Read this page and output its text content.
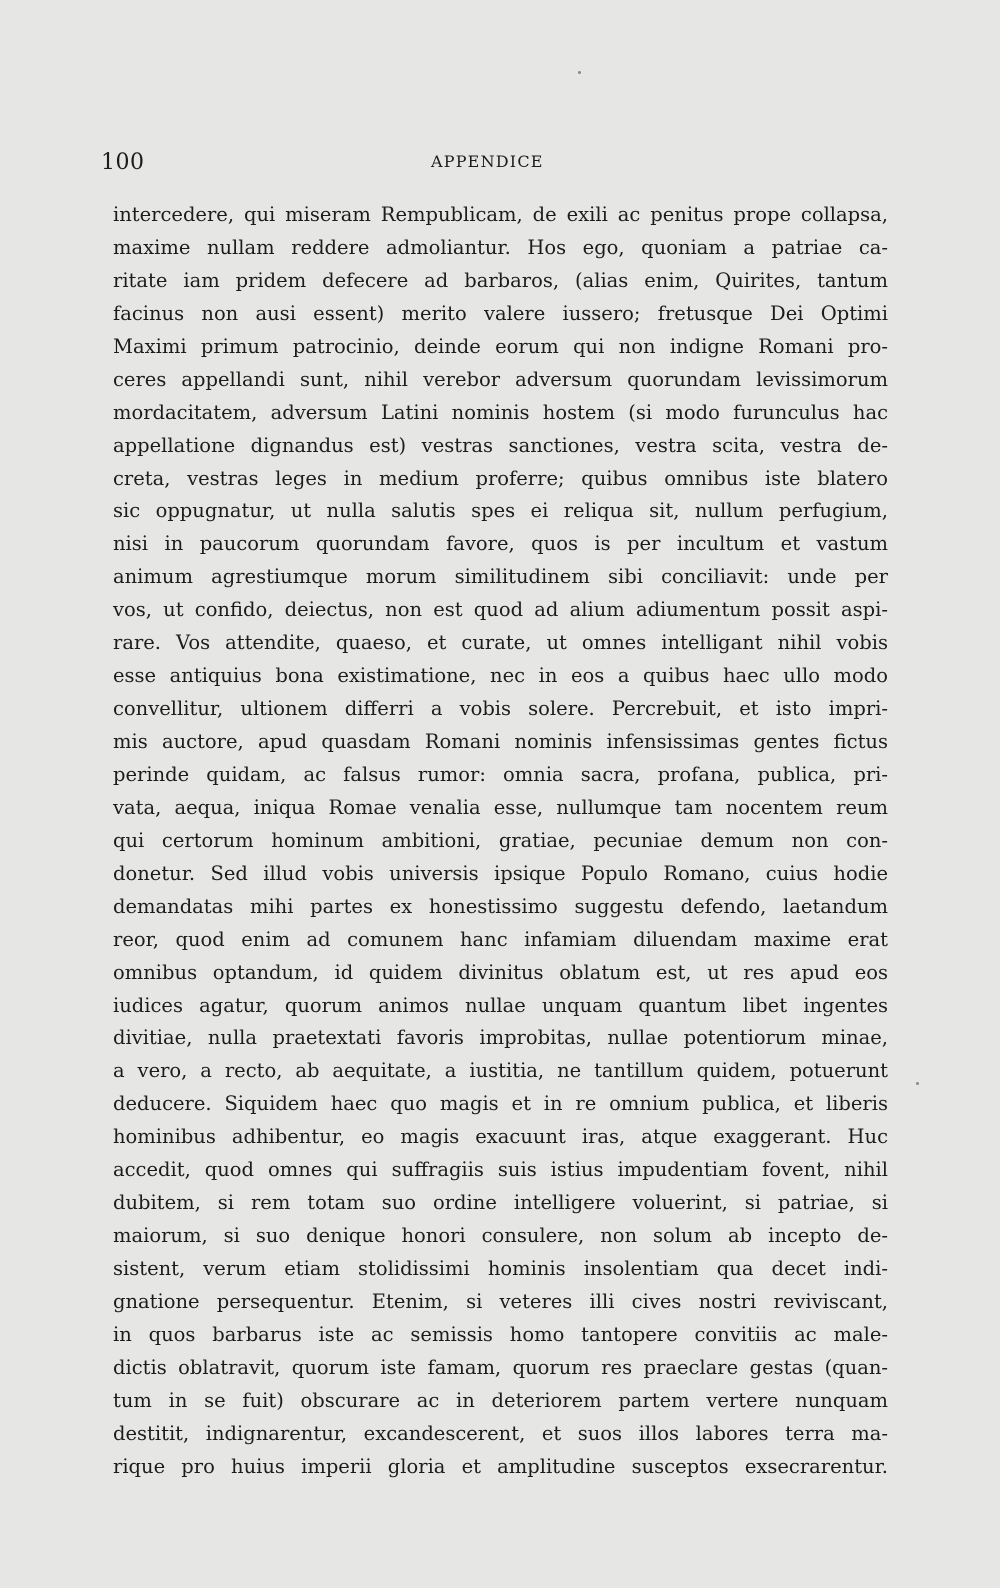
100	APPENDICE
intercedere, qui miseram Rempublicam, de exili ac penitus prope collapsa,
maxime nullam reddere admoliantur. Hos ego, quoniam a patriae ca-
ritate iam pridem defecere ad barbaros, (alias enim, Quirites, tantum
facinus non ausi essent) merito valere iussero; fretusque Dei Optimi
Maximi primum patrocinio, deinde eorum qui non indigne Romani pro-
ceres appellandi sunt, nihil verebor adversum quorundam levissimorum
mordacitatem, adversum Latini nominis hostem (si modo furunculus hac
appellatione dignandus est) vestras sanctiones, vestra scita, vestra de-
creta, vestras leges in medium proferre; quibus omnibus iste blatero
sic oppugnatur, ut nulla salutis spes ei reliqua sit, nullum perfugium,
nisi in paucorum quorundam favore, quos is per incultum et vastum
animum agrestiumque morum similitudinem sibi conciliavit: unde per
vos, ut confido, deiectus, non est quod ad alium adiumentum possit aspi-
rare. Vos attendite, quaeso, et curate, ut omnes intelligant nihil vobis
esse antiquius bona existimatione, nec in eos a quibus haec ullo modo
convellitur, ultionem differri a vobis solere. Percrebuit, et isto impri-
mis auctore, apud quasdam Romani nominis infensissimas gentes fictus
perinde quidam, ac falsus rumor: omnia sacra, profana, publica, pri-
vata, aequa, iniqua Romae venalia esse, nullumque tam nocentem reum
qui certorum hominum ambitioni, gratiae, pecuniae demum non con-
donetur. Sed illud vobis universis ipsique Populo Romano, cuius hodie
demandatas mihi partes ex honestissimo suggestu defendo, laetandum
reor, quod enim ad comunem hanc infamiam diluendam maxime erat
omnibus optandum, id quidem divinitus oblatum est, ut res apud eos
iudices agatur, quorum animos nullae unquam quantum libet ingentes
divitiae, nulla praetextati favoris improbitas, nullae potentiorum minae,
a vero, a recto, ab aequitate, a iustitia, ne tantillum quidem, potuerunt
deducere. Siquidem haec quo magis et in re omnium publica, et liberis
hominibus adhibentur, eo magis exacuunt iras, atque exaggerant. Huc
accedit, quod omnes qui suffragiis suis istius impudentiam fovent, nihil
dubitem, si rem totam suo ordine intelligere voluerint, si patriae, si
maiorum, si suo denique honori consulere, non solum ab incepto de-
sistent, verum etiam stolidissimi hominis insolentiam qua decet indi-
gnatione persequentur. Etenim, si veteres illi cives nostri reviviscant,
in quos barbarus iste ac semissis homo tantopere convitiis ac male-
dictis oblatravit, quorum iste famam, quorum res praeclare gestas (quan-
tum in se fuit) obscurare ac in deteriorem partem vertere nunquam
destitit, indignarentur, excandescerent, et suos illos labores terra ma-
rique pro huius imperii gloria et amplitudine susceptos exsecrarentur.
